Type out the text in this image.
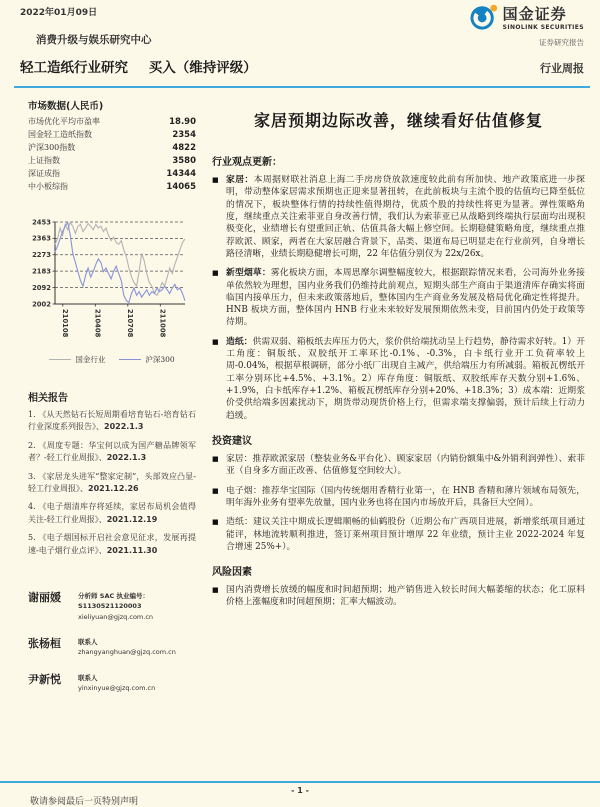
2022年01月09日	国金证券
SINOLINK SECURITIES
证券研究报告
消费升级与娱乐研究中心
轻工造纸行业研究 买入（维持评级）	行业周报
市场数据(人民币)
市场优化平均市盈率	18.90
国金轻工造纸指数	2354
沪深300指数	4822
上证指数	3580
深证成指	14344
中小板综指	14065
2453
2363
2273
2183
2092
2002
210108	210408	210708	211008
国金行业	沪深300
相关报告
1. 《从天然钻石长短周期看培育钻石-培育钻石行业深度系列报告》、2022.1.3
2. 《周度专题：华宝何以成为国产糖品牌领军者？-轻工行业周报》、2022.1.3
3. 《家居龙头进军“整家定制”，头部效应凸显-轻工行业周报》、2021.12.26
4. 《电子烟清库存将延续，家居布局机会值得关注-轻工行业周报》、2021.12.19
5. 《电子烟国标开启社会意见征求，发展再提速-电子烟行业点评》、2021.11.30
谢丽媛	分析师 SAC 执业编号：S1130521120003
xieliyuan@gjzq.com.cn
张杨桓	联系人
zhangyanghuan@gjzq.com.cn
尹新悦	联系人
yinxinyue@gjzq.com.cn
家居预期边际改善，继续看好估值修复
行业观点更新：
■ 家居：本周据财联社消息上海二手房房贷放款速度较此前有所加快、地产政策底进一步探明，带动整体家居需求预期也正迎来显著扭转，在此前板块与主流个股的估值均已降至低位的情况下，板块整体行情的持续性值得期待，优质个股的持续性将更为显著。弹性策略角度，继续重点关注索菲亚自身改善行情，我们认为索菲亚已从战略到终端执行层面均出现积极变化，业绩增长有望重回正轨、估值具备大幅上修空间。长期稳健策略角度，继续重点推荐欧派、顾家，两者在大家居融合背景下，品类、渠道布局已明显走在行业前列，自身增长路径清晰，业绩长期稳健增长可期，22 年估值分别仅为 22x/26x。
■ 新型烟草：雾化板块方面，本周思摩尔调整幅度较大，根据跟踪情况来看，公司海外业务接单依然较为理想，国内业务我们仍维持此前观点，短期头部生产商由于渠道清库存确实将面临国内接单压力，但未来政策落地后，整体国内生产商业务发展及格局优化确定性将提升。HNB 板块方面，整体国内 HNB 行业未来较好发展预期依然未变，目前国内仍处于政策等待期。
■ 造纸：供需双弱、箱板纸去库压力仍大，浆价供给端扰动呈上行趋势，静待需求好转。1）开工角度：铜版纸、双胶纸开工率环比-0.1%、-0.3%，白卡纸行业开工负荷率较上周-0.04%，根据草根调研，部分小纸厂出现自主减产，供给端压力有所减弱。箱板瓦楞纸开工率分别环比+4.5%、+3.1%。2）库存角度：铜版纸、双胶纸库存天数分别+1.6%、+1.9%，白卡纸库存+1.2%、箱板瓦楞纸库存分别+20%、+18.3%；3）成本端：近期浆价受供给端多因素扰动下，期货带动现货价格上行，但需求端支撑偏弱，预计后续上行动力趋缓。
投资建议
■ 家居：推荐欧派家居（整装业务&平台化）、顾家家居（内销份额集中&外销利润弹性）、索菲亚（自身多方面正改善、估值修复空间较大）。
■ 电子烟：推荐华宝国际（国内传统烟用香精行业第一，在 HNB 香精和薄片领域布局领先，明年海外业务有望率先放量，国内业务也将在国内市场放开后，具备巨大空间）。
■ 造纸：建议关注中期成长逻辑顺畅的仙鹤股份（近期公布广西项目进展，新增浆纸项目通过能评，林地流转顺利推进，签订莱州项目预计增厚 22 年业绩，预计主业 2022-2024 年复合增速 25%+）。
风险因素
■ 国内消费增长放缓的幅度和时间超预期；地产销售进入较长时间大幅萎缩的状态；化工原料价格上涨幅度和时间超预期；汇率大幅波动。
- 1 -
敬请参阅最后一页特别声明
